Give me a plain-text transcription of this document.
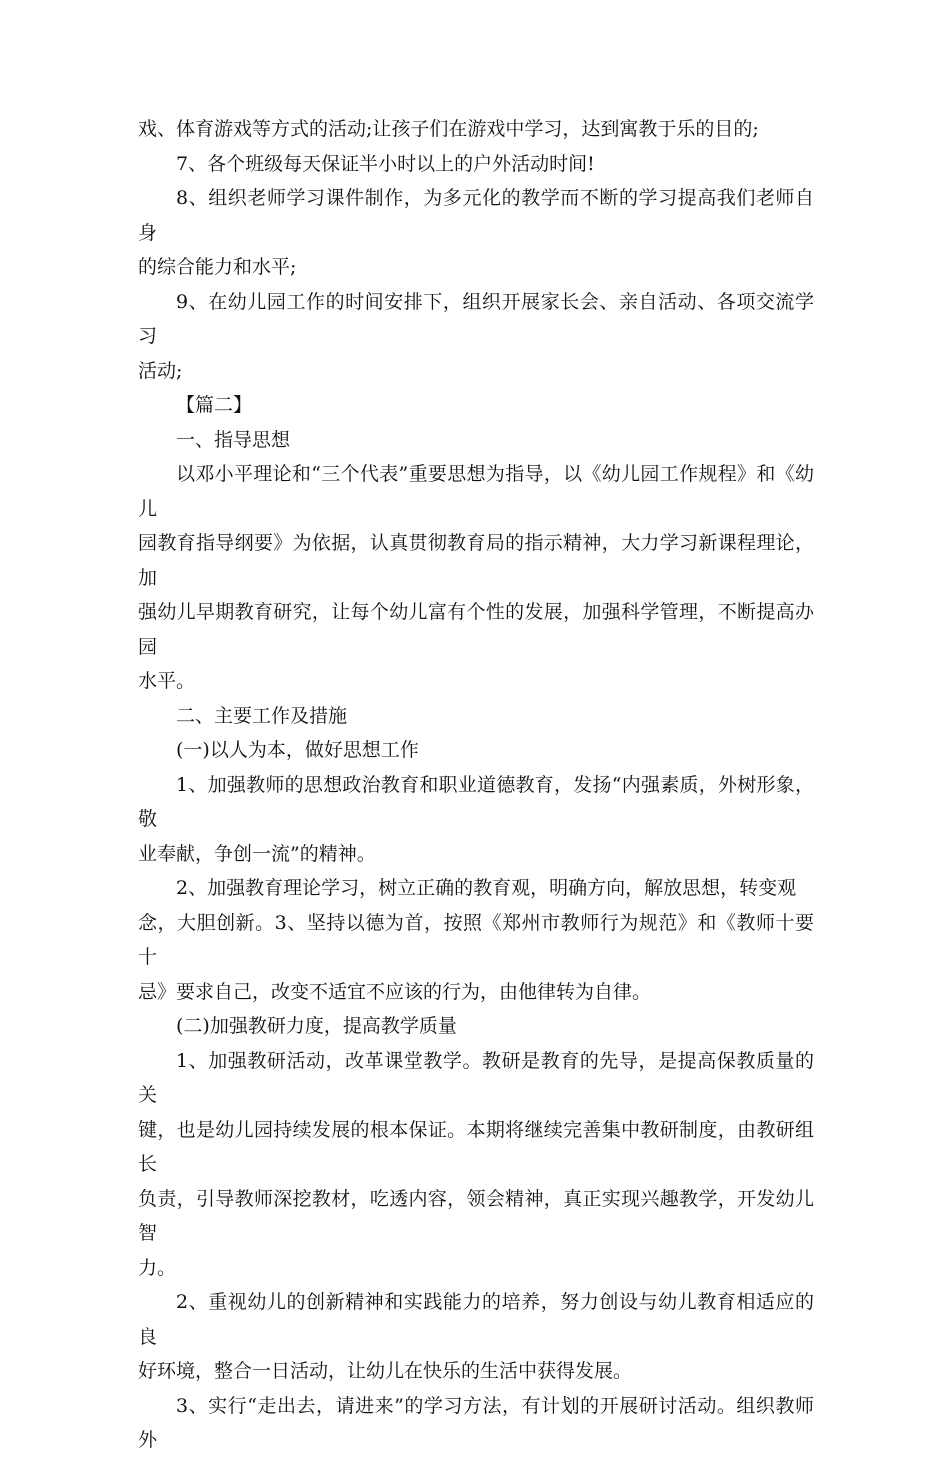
戏、体育游戏等方式的活动;让孩子们在游戏中学习，达到寓教于乐的目的;

7、各个班级每天保证半小时以上的户外活动时间!

8、组织老师学习课件制作，为多元化的教学而不断的学习提高我们老师自身

的综合能力和水平;

9、在幼儿园工作的时间安排下，组织开展家长会、亲自活动、各项交流学习

活动;

【篇二】

一、指导思想

以邓小平理论和“三个代表”重要思想为指导，以《幼儿园工作规程》和《幼儿

园教育指导纲要》为依据，认真贯彻教育局的指示精神，大力学习新课程理论，加

强幼儿早期教育研究，让每个幼儿富有个性的发展，加强科学管理，不断提高办园

水平。

二、主要工作及措施

(一)以人为本，做好思想工作

1、加强教师的思想政治教育和职业道德教育，发扬“内强素质，外树形象，敬

业奉献，争创一流”的精神。

2、加强教育理论学习，树立正确的教育观，明确方向，解放思想，转变观

念，大胆创新。3、坚持以德为首，按照《郑州市教师行为规范》和《教师十要十

忌》要求自己，改变不适宜不应该的行为，由他律转为自律。

(二)加强教研力度，提高教学质量

1、加强教研活动，改革课堂教学。教研是教育的先导，是提高保教质量的关

键，也是幼儿园持续发展的根本保证。本期将继续完善集中教研制度，由教研组长

负责，引导教师深挖教材，吃透内容，领会精神，真正实现兴趣教学，开发幼儿智

力。

2、重视幼儿的创新精神和实践能力的培养，努力创设与幼儿教育相适应的良

好环境，整合一日活动，让幼儿在快乐的生活中获得发展。

3、实行“走出去，请进来”的学习方法，有计划的开展研讨活动。组织教师外
